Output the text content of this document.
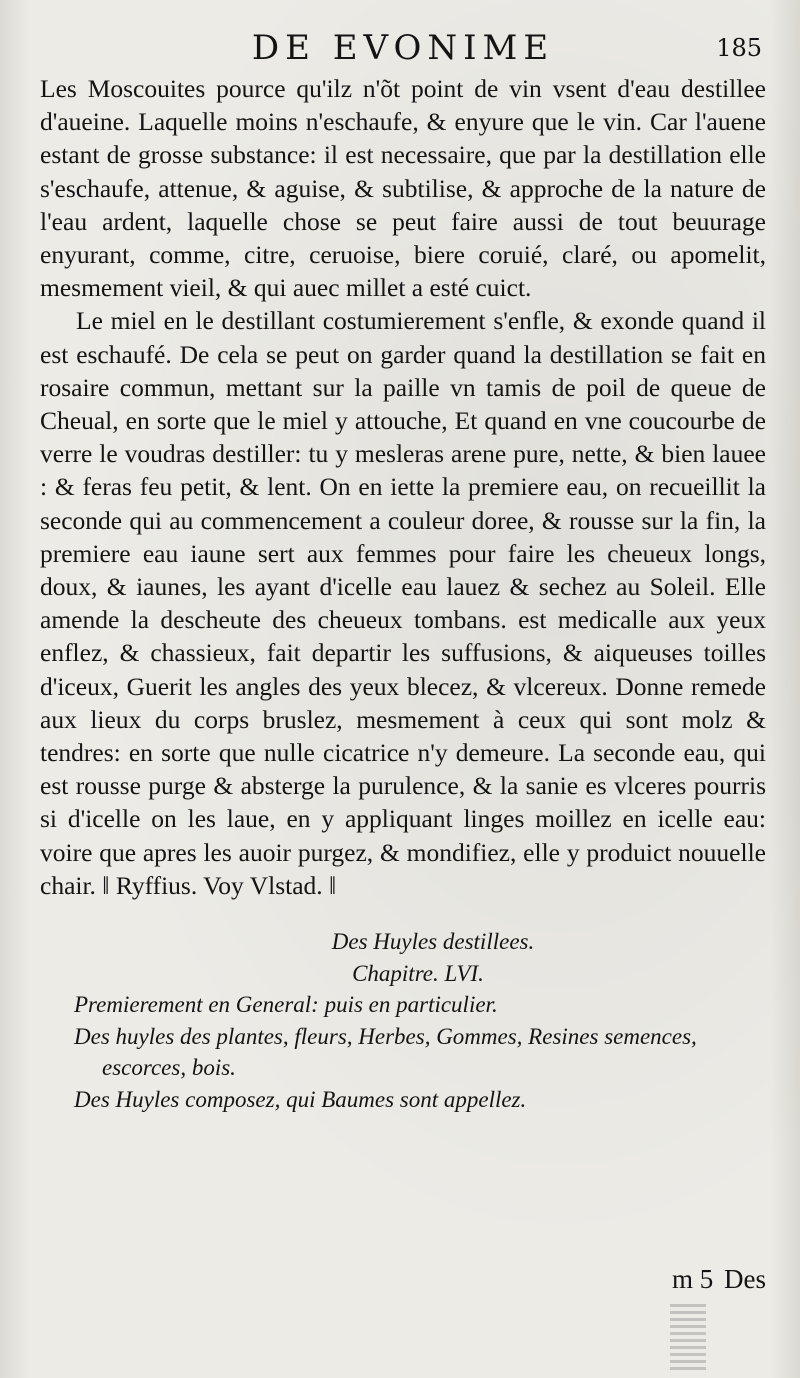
DE EVONIME	185

Les Moscouites pource qu'ilz n'õt point de vin vsent d'eau destillee d'aueine. Laquelle moins n'eschaufe, & enyure que le vin. Car l'auene estant de grosse substance: il est necessaire, que par la destillation elle s'eschaufe, attenue, & aguise, & subtilise, & approche de la nature de l'eau ardent, laquelle chose se peut faire aussi de tout beuurage enyurant, comme, citre, ceruoise, biere coruié, claré, ou apomelit, mesmement vieil, & qui auec millet a esté cuict.

Le miel en le destillant costumierement s'enfle, & exonde quand il est eschaufé. De cela se peut on garder quand la destillation se fait en rosaire commun, mettant sur la paille vn tamis de poil de queue de Cheual, en sorte que le miel y attouche, Et quand en vne coucourbe de verre le voudras destiller: tu y mesleras arene pure, nette, & bien lauee : & feras feu petit, & lent. On en iette la premiere eau, on recueillit la seconde qui au commencement a couleur doree, & rousse sur la fin, la premiere eau iaune sert aux femmes pour faire les cheueux longs, doux, & iaunes, les ayant d'icelle eau lauez & sechez au Soleil. Elle amende la descheute des cheueux tombans. est medicalle aux yeux enflez, & chassieux, fait departir les suffusions, & aiqueuses toilles d'iceux, Guerit les angles des yeux blecez, & vlcereux. Donne remede aux lieux du corps bruslez, mesmement à ceux qui sont molz & tendres: en sorte que nulle cicatrice n'y demeure. La seconde eau, qui est rousse purge & absterge la purulence, & la sanie es vlceres pourris si d'icelle on les laue, en y appliquant linges moillez en icelle eau: voire que apres les auoir purgez, & mondifiez, elle y produict nouuelle chair. ‖ Ryffius. Voy Vlstad. ‖

Des Huyles destillees.
Chapitre. LVI.
Premierement en General: puis en particulier.
Des huyles des plantes, fleurs, Herbes, Gommes, Resines semences,
escorces, bois.
Des Huyles composez, qui Baumes sont appellez.
m 5 Des
